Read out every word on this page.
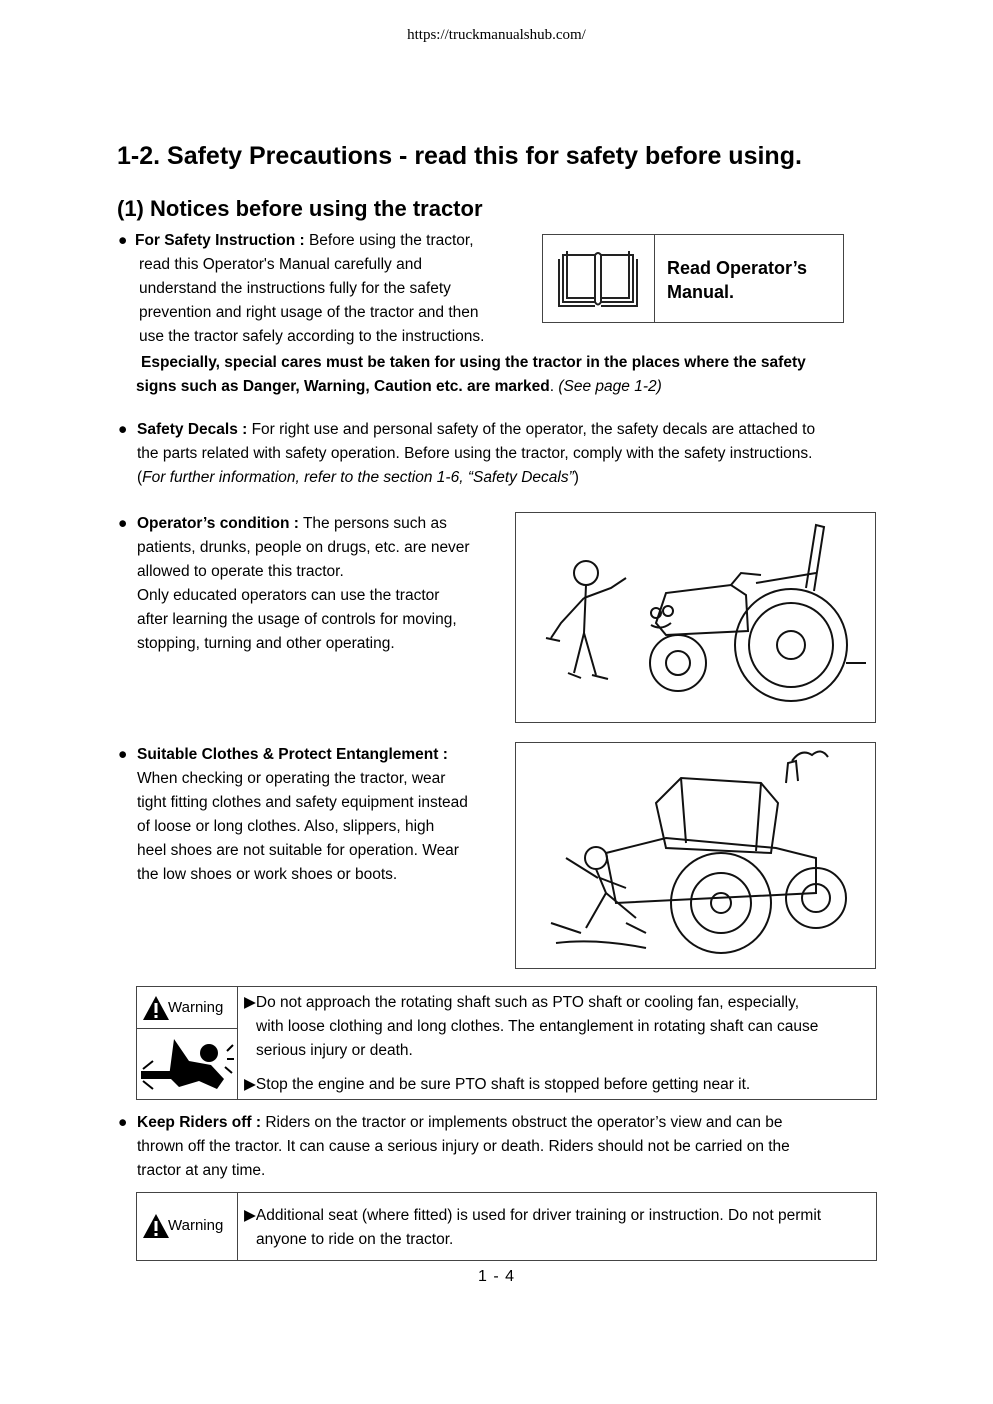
https://truckmanualshub.com/
1-2. Safety Precautions - read this for safety before using.
(1) Notices before using the tractor
● For Safety Instruction : Before using the tractor,
read this Operator's Manual carefully and
understand the instructions fully for the safety
prevention and right usage of the tractor and then
use the tractor safely according to the instructions.
Especially, special cares must be taken for using the tractor in the places where the safety
signs such as Danger, Warning, Caution etc. are marked. (See page 1-2)
Read Operator’s
Manual.
● Safety Decals : For right use and personal safety of the operator, the safety decals are attached to
the parts related with safety operation. Before using the tractor, comply with the safety instructions.
(For further information, refer to the section 1-6, “Safety Decals”)
● Operator’s condition : The persons such as
patients, drunks, people on drugs, etc. are never
allowed to operate this tractor.
Only educated operators can use the tractor
after learning the usage of controls for moving,
stopping, turning and other operating.
● Suitable Clothes & Protect Entanglement :
When checking or operating the tractor, wear
tight fitting clothes and safety equipment instead
of loose or long clothes. Also, slippers, high
heel shoes are not suitable for operation. Wear
the low shoes or work shoes or boots.
Warning ▶Do not approach the rotating shaft such as PTO shaft or cooling fan, especially,
with loose clothing and long clothes. The entanglement in rotating shaft can cause
serious injury or death.
▶Stop the engine and be sure PTO shaft is stopped before getting near it.
● Keep Riders off : Riders on the tractor or implements obstruct the operator’s view and can be
thrown off the tractor. It can cause a serious injury or death. Riders should not be carried on the
tractor at any time.
Warning
▶Additional seat (where fitted) is used for driver training or instruction. Do not permit
anyone to ride on the tractor.
1 - 4
